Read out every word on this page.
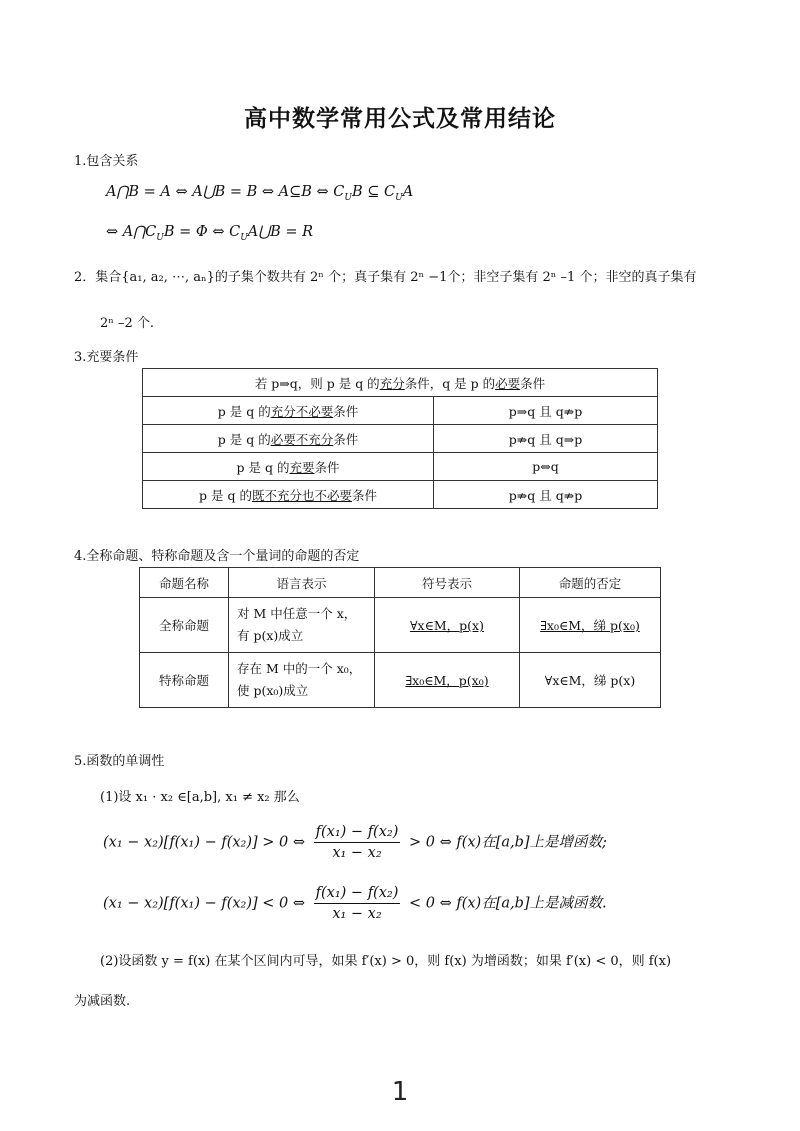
高中数学常用公式及常用结论
1.包含关系
A⋂B = A ⇔ A⋃B = B ⇔ A⊆B ⇔ $C_UB$ ⊆ $C_UA$
⇔ $A⋂C_UB = \Phi$ ⇔ $C_UA⋃B = R$
2．集合{a₁, a₂, ⋯, aₙ}的子集个数共有 2ⁿ 个；真子集有 2ⁿ −1个；非空子集有 2ⁿ –1 个；非空的真子集有
2ⁿ –2 个.
3.充要条件
若 p⇒q，则 p 是 q 的充分条件，q 是 p 的必要条件	
p 是 q 的充分不必要条件	p⇒q 且 q⇏p
p 是 q 的必要不充分条件	p⇏q 且 q⇒p
p 是 q 的充要条件	p⇔q
p 是 q 的既不充分也不必要条件	p⇏q 且 q⇏p
4.全称命题、特称命题及含一个量词的命题的否定
命题名称	语言表示	符号表示	命题的否定
全称命题	对 M 中任意一个 x，
有 p(x)成立	∀x∈M，p(x)	∃x₀∈M，绨 p(x₀)
特称命题	存在 M 中的一个 x₀，
使 p(x₀)成立	∃x₀∈M，p(x₀)	∀x∈M，绨 p(x)
5.函数的单调性
(1)设 x₁ · x₂ ∈[a,b], x₁ ≠ x₂ 那么
(x₁ − x₂)[f(x₁) − f(x₂)] > 0 ⇔ $\frac{\text{f(x₁) − f(x₂)}}{\text{x₁ − x₂}} > 0$ ⇔ f(x)在[a,b]上是增函数;
(x₁ − x₂)[f(x₁) − f(x₂)] < 0 ⇔ $\frac{\text{f(x₁) − f(x₂)}}{\text{x₁ − x₂}} < 0$ ⇔ f(x)在[a,b]上是减函数.
(2)设函数 y = f(x) 在某个区间内可导，如果 f′(x) > 0，则 f(x) 为增函数；如果 f′(x) < 0，则 f(x)
为减函数.
1
